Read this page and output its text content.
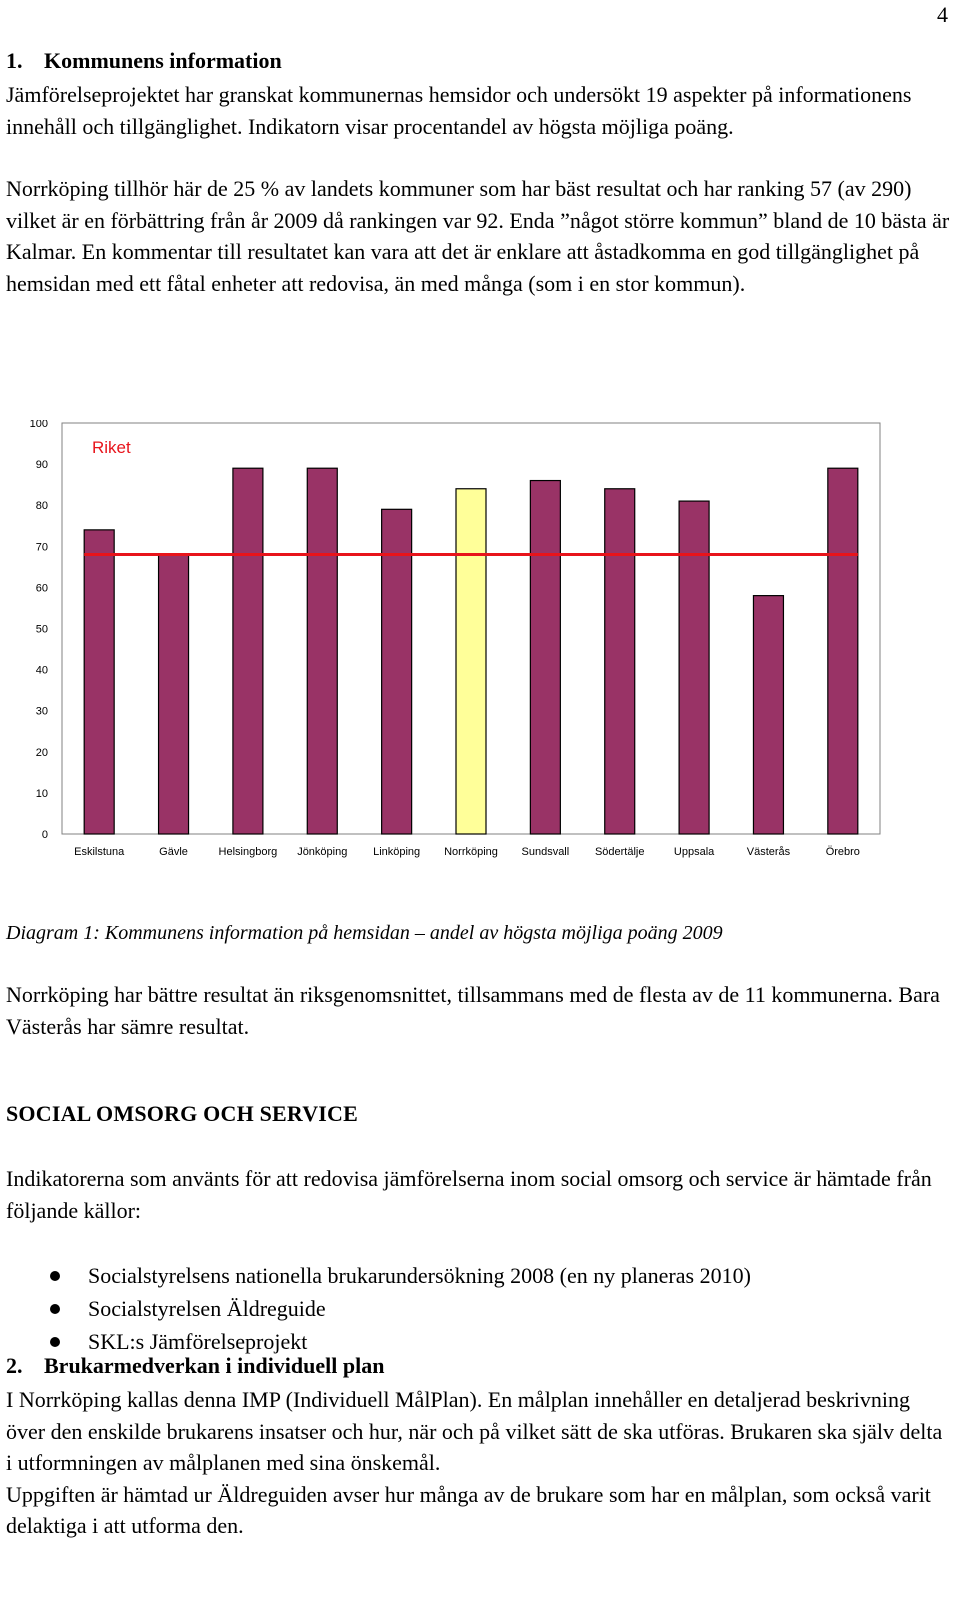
4
1. Kommunens information

Jämförelseprojektet har granskat kommunernas hemsidor och undersökt 19 aspekter på informationens innehåll och tillgänglighet. Indikatorn visar procentandel av högsta möjliga poäng.

Norrköping tillhör här de 25 % av landets kommuner som har bäst resultat och har ranking 57 (av 290) vilket är en förbättring från år 2009 då rankingen var 92. Enda ”något större kommun” bland de 10 bästa är Kalmar. En kommentar till resultatet kan vara att det är enklare att åstadkomma en god tillgänglighet på hemsidan med ett fåtal enheter att redovisa, än med många (som i en stor kommun).

0
10
20
30
40
50
60
70
80
90
100
Eskilstuna	Gävle	Helsingborg Jönköping Linköping Norrköping Sundsvall Södertälje	Uppsala	Västerås	Örebro
Riket

Diagram 1: Kommunens information på hemsidan – andel av högsta möjliga poäng 2009

Norrköping har bättre resultat än riksgenomsnittet, tillsammans med de flesta av de 11 kommunerna. Bara Västerås har sämre resultat.

SOCIAL OMSORG OCH SERVICE

Indikatorerna som använts för att redovisa jämförelserna inom social omsorg och service är hämtade från följande källor:

Socialstyrelsens nationella brukarundersökning 2008 (en ny planeras 2010)
Socialstyrelsen Äldreguide
SKL:s Jämförelseprojekt
2. Brukarmedverkan i individuell plan

I Norrköping kallas denna IMP (Individuell MålPlan). En målplan innehåller en detaljerad beskrivning över den enskilde brukarens insatser och hur, när och på vilket sätt de ska utföras. Brukaren ska själv delta i utformningen av målplanen med sina önskemål.

Uppgiften är hämtad ur Äldreguiden avser hur många av de brukare som har en målplan, som också varit delaktiga i att utforma den.
